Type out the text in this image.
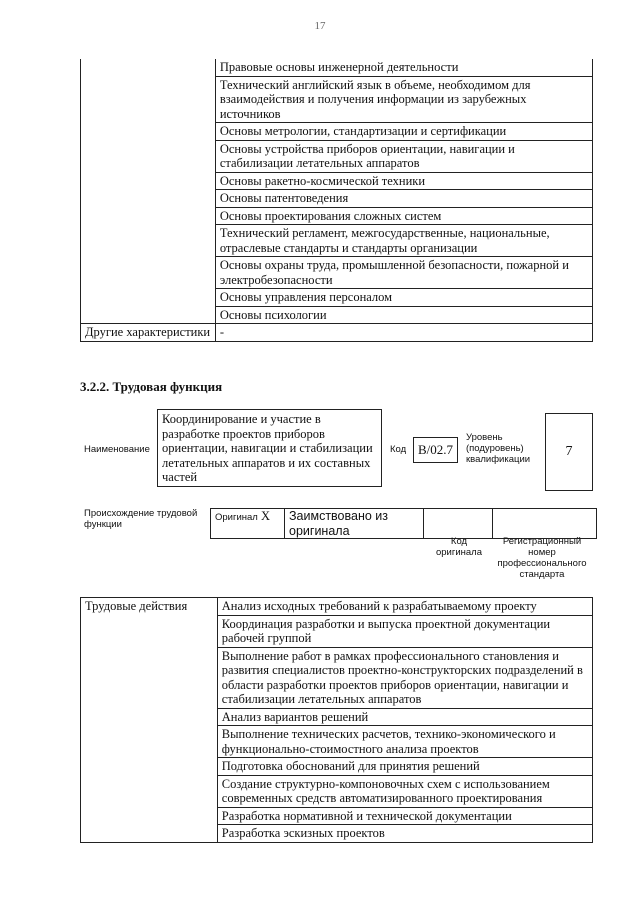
17
	Правовые основы инженерной деятельности
	Технический английский язык в объеме, необходимом для взаимодействия и получения информации из зарубежных источников
	Основы метрологии, стандартизации и сертификации
	Основы устройства приборов ориентации, навигации и стабилизации летательных аппаратов
	Основы ракетно-космической техники
	Основы патентоведения
	Основы проектирования сложных систем
	Технический регламент, межгосударственные, национальные, отраслевые стандарты и стандарты организации
	Основы охраны труда, промышленной безопасности, пожарной и электробезопасности
	Основы управления персоналом
	Основы психологии
Другие характеристики	-
3.2.2. Трудовая функция
Наименование
Координирование и участие в разработке проектов приборов ориентации, навигации и стабилизации летательных аппаратов и их составных частей
Код В/02.7
Уровень (подуровень) квалификации
7
Происхождение трудовой функции
Оригинал X	Заимствовано из оригинала		
Код оригинала
Регистрационный номер профессионального стандарта
Трудовые действия	Анализ исходных требований к разрабатываемому проекту
Координация разработки и выпуска проектной документации рабочей группой
Выполнение работ в рамках профессионального становления и развития специалистов проектно-конструкторских подразделений в области разработки проектов приборов ориентации, навигации и стабилизации летательных аппаратов
Анализ вариантов решений
Выполнение технических расчетов, технико-экономического и функционально-стоимостного анализа проектов
Подготовка обоснований для принятия решений
Создание структурно-компоновочных схем с использованием современных средств автоматизированного проектирования
Разработка нормативной и технической документации
Разработка эскизных проектов
